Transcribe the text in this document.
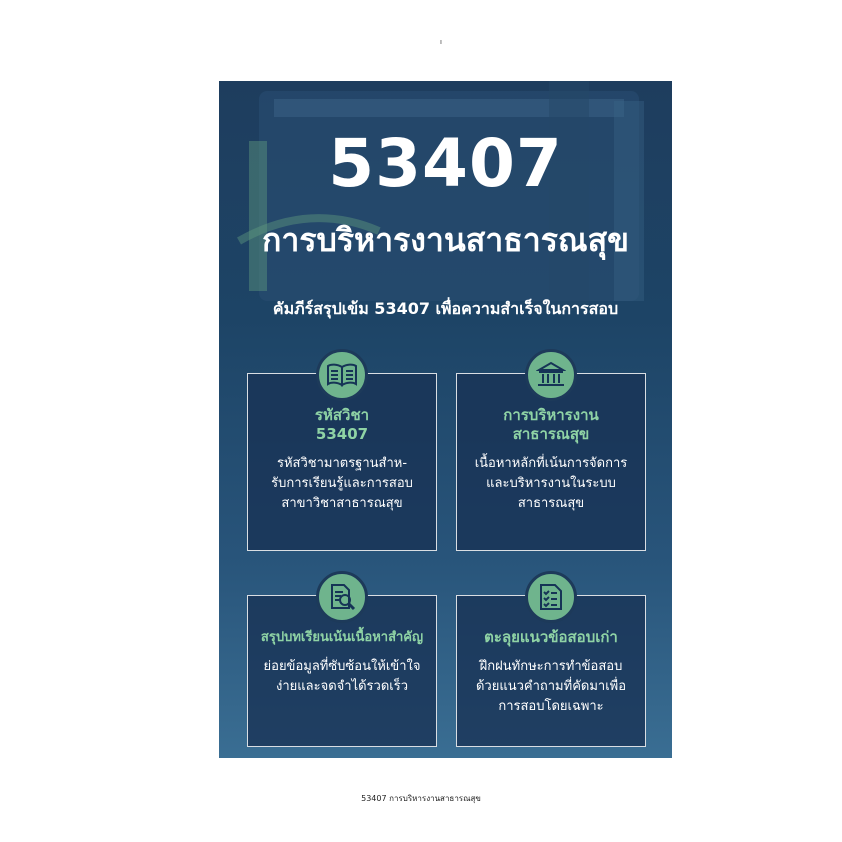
ı
53407
การบริหารงานสาธารณสุข
คัมภีร์สรุปเข้ม 53407 เพื่อความสำเร็จในการสอบ
รหัสวิชา
53407
รหัสวิชามาตรฐานสำห-
รับการเรียนรู้และการสอบ
สาขาวิชาสาธารณสุข
การบริหารงาน
สาธารณสุข
เนื้อหาหลักที่เน้นการจัดการ
และบริหารงานในระบบ
สาธารณสุข
สรุปบทเรียนเน้นเนื้อหาสำคัญ
ย่อยข้อมูลที่ซับซ้อนให้เข้าใจ
ง่ายและจดจำได้รวดเร็ว
ตะลุยแนวข้อสอบเก่า
ฝึกฝนทักษะการทำข้อสอบ
ด้วยแนวคำถามที่คัดมาเพื่อ
การสอบโดยเฉพาะ
53407 การบริหารงานสาธารณสุข
